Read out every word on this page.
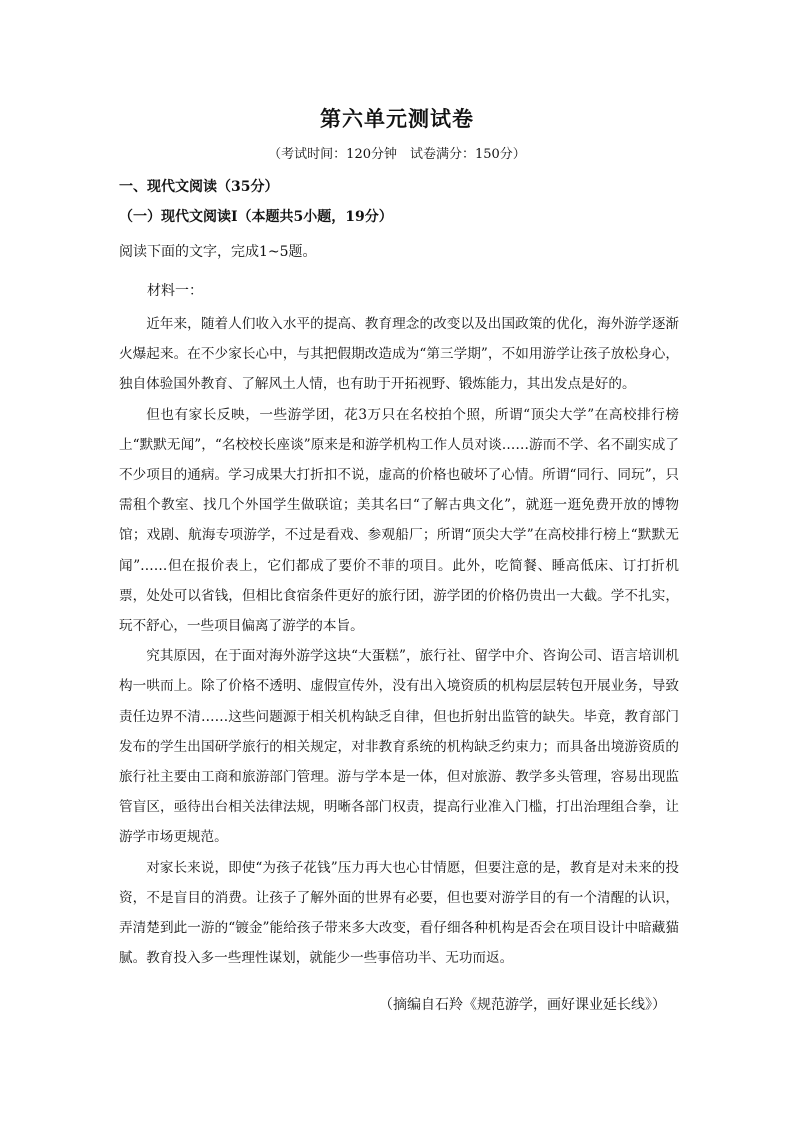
第六单元测试卷
（考试时间：120分钟　试卷满分：150分）
一、现代文阅读（35分）
（一）现代文阅读Ⅰ（本题共5小题，19分）
阅读下面的文字，完成1~5题。
材料一：

近年来，随着人们收入水平的提高、教育理念的改变以及出国政策的优化，海外游学逐渐火爆起来。在不少家长心中，与其把假期改造成为“第三学期”，不如用游学让孩子放松身心，独自体验国外教育、了解风土人情，也有助于开拓视野、锻炼能力，其出发点是好的。

但也有家长反映，一些游学团，花3万只在名校拍个照，所谓“顶尖大学”在高校排行榜上“默默无闻”，“名校校长座谈”原来是和游学机构工作人员对谈……游而不学、名不副实成了不少项目的通病。学习成果大打折扣不说，虚高的价格也破坏了心情。所谓“同行、同玩”，只需租个教室、找几个外国学生做联谊；美其名曰“了解古典文化”，就逛一逛免费开放的博物馆；戏剧、航海专项游学，不过是看戏、参观船厂；所谓“顶尖大学”在高校排行榜上“默默无闻”……但在报价表上，它们都成了要价不菲的项目。此外，吃简餐、睡高低床、订打折机票，处处可以省钱，但相比食宿条件更好的旅行团，游学团的价格仍贵出一大截。学不扎实，玩不舒心，一些项目偏离了游学的本旨。

究其原因，在于面对海外游学这块“大蛋糕”，旅行社、留学中介、咨询公司、语言培训机构一哄而上。除了价格不透明、虚假宣传外，没有出入境资质的机构层层转包开展业务，导致责任边界不清……这些问题源于相关机构缺乏自律，但也折射出监管的缺失。毕竟，教育部门发布的学生出国研学旅行的相关规定，对非教育系统的机构缺乏约束力；而具备出境游资质的旅行社主要由工商和旅游部门管理。游与学本是一体，但对旅游、教学多头管理，容易出现监管盲区，亟待出台相关法律法规，明晰各部门权责，提高行业准入门槛，打出治理组合拳，让游学市场更规范。

对家长来说，即使“为孩子花钱”压力再大也心甘情愿，但要注意的是，教育是对未来的投资，不是盲目的消费。让孩子了解外面的世界有必要，但也要对游学目的有一个清醒的认识，弄清楚到此一游的“镀金”能给孩子带来多大改变，看仔细各种机构是否会在项目设计中暗藏猫腻。教育投入多一些理性谋划，就能少一些事倍功半、无功而返。

（摘编自石羚《规范游学，画好课业延长线》）
